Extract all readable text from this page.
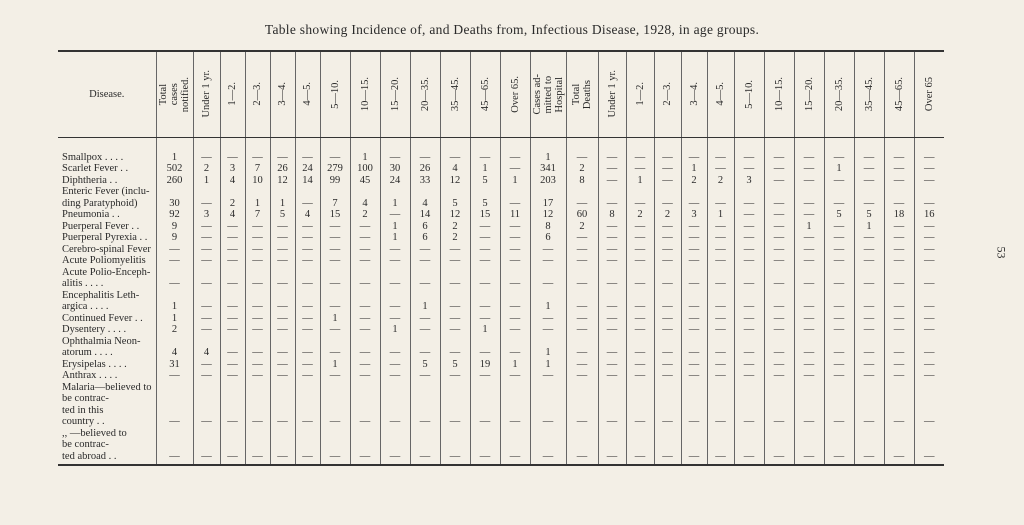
Table showing Incidence of, and Deaths from, Infectious Disease, 1928, in age groups.
53
Disease.	Total
cases
notified.	Under 1 yr.	1—2.	2—3.	3—4.	4—5.	5—10.	10—15.	15—20.	20—35.	35—45.	45—65.	Over 65.	Cases ad-
mitted to
Hospital	Total
Deaths	Under 1 yr.	1—2.	2—3.	3—4.	4—5.	5—10.	10—15.	15—20.	20—35.	35—45.	45—65.	Over 65

Smallpox . . . .	1	—	—	—	—	—	—	1	—	—	—	—	—	1	—	—	—	—	—	—	—	—	—	—	—	—	—
Scarlet Fever . .	502	2	3	7	26	24	279	100	30	26	4	1	—	341	2	—	—	—	1	—	—	—	—	1	—	—	—
Diphtheria . .	260	1	4	10	12	14	99	45	24	33	12	5	1	203	8	—	1	—	2	2	3	—	—	—	—	—	—
Enteric Fever (inclu-
ding Paratyphoid)	30	—	2	1	1	—	7	4	1	4	5	5	—	17	—	—	—	—	—	—	—	—	—	—	—	—	—
Pneumonia . .	92	3	4	7	5	4	15	2	—	14	12	15	11	12	60	8	2	2	3	1	—	—	—	5	5	18	16
Puerperal Fever . .	9	—	—	—	—	—	—	—	1	6	2	—	—	8	2	—	—	—	—	—	—	—	1	—	1	—	—
Puerperal Pyrexia . .	9	—	—	—	—	—	—	—	1	6	2	—	—	6	—	—	—	—	—	—	—	—	—	—	—	—	—
Cerebro-spinal Fever	—	—	—	—	—	—	—	—	—	—	—	—	—	—	—	—	—	—	—	—	—	—	—	—	—	—	—
Acute Poliomyelitis	—	—	—	—	—	—	—	—	—	—	—	—	—	—	—	—	—	—	—	—	—	—	—	—	—	—	—
Acute Polio-Enceph-
alitis . . . .	—	—	—	—	—	—	—	—	—	—	—	—	—	—	—	—	—	—	—	—	—	—	—	—	—	—	—
Encephalitis Leth-
argica . . . .	1	—	—	—	—	—	—	—	—	1	—	—	—	1	—	—	—	—	—	—	—	—	—	—	—	—	—
Continued Fever . .	1	—	—	—	—	—	1	—	—	—	—	—	—	—	—	—	—	—	—	—	—	—	—	—	—	—	—
Dysentery . . . .	2	—	—	—	—	—	—	—	1	—	—	1	—	—	—	—	—	—	—	—	—	—	—	—	—	—	—
Ophthalmia Neon-
atorum . . . .	4	4	—	—	—	—	—	—	—	—	—	—	—	1	—	—	—	—	—	—	—	—	—	—	—	—	—
Erysipelas . . . .	31	—	—	—	—	—	1	—	—	5	5	19	1	1	—	—	—	—	—	—	—	—	—	—	—	—	—
Anthrax . . . .	—	—	—	—	—	—	—	—	—	—	—	—	—	—	—	—	—	—	—	—	—	—	—	—	—	—	—
Malaria—believed to
be contrac-
ted in this
country . .	—	—	—	—	—	—	—	—	—	—	—	—	—	—	—	—	—	—	—	—	—	—	—	—	—	—	—
,, —believed to
be contrac-
ted abroad . .	—	—	—	—	—	—	—	—	—	—	—	—	—	—	—	—	—	—	—	—	—	—	—	—	—	—	—
